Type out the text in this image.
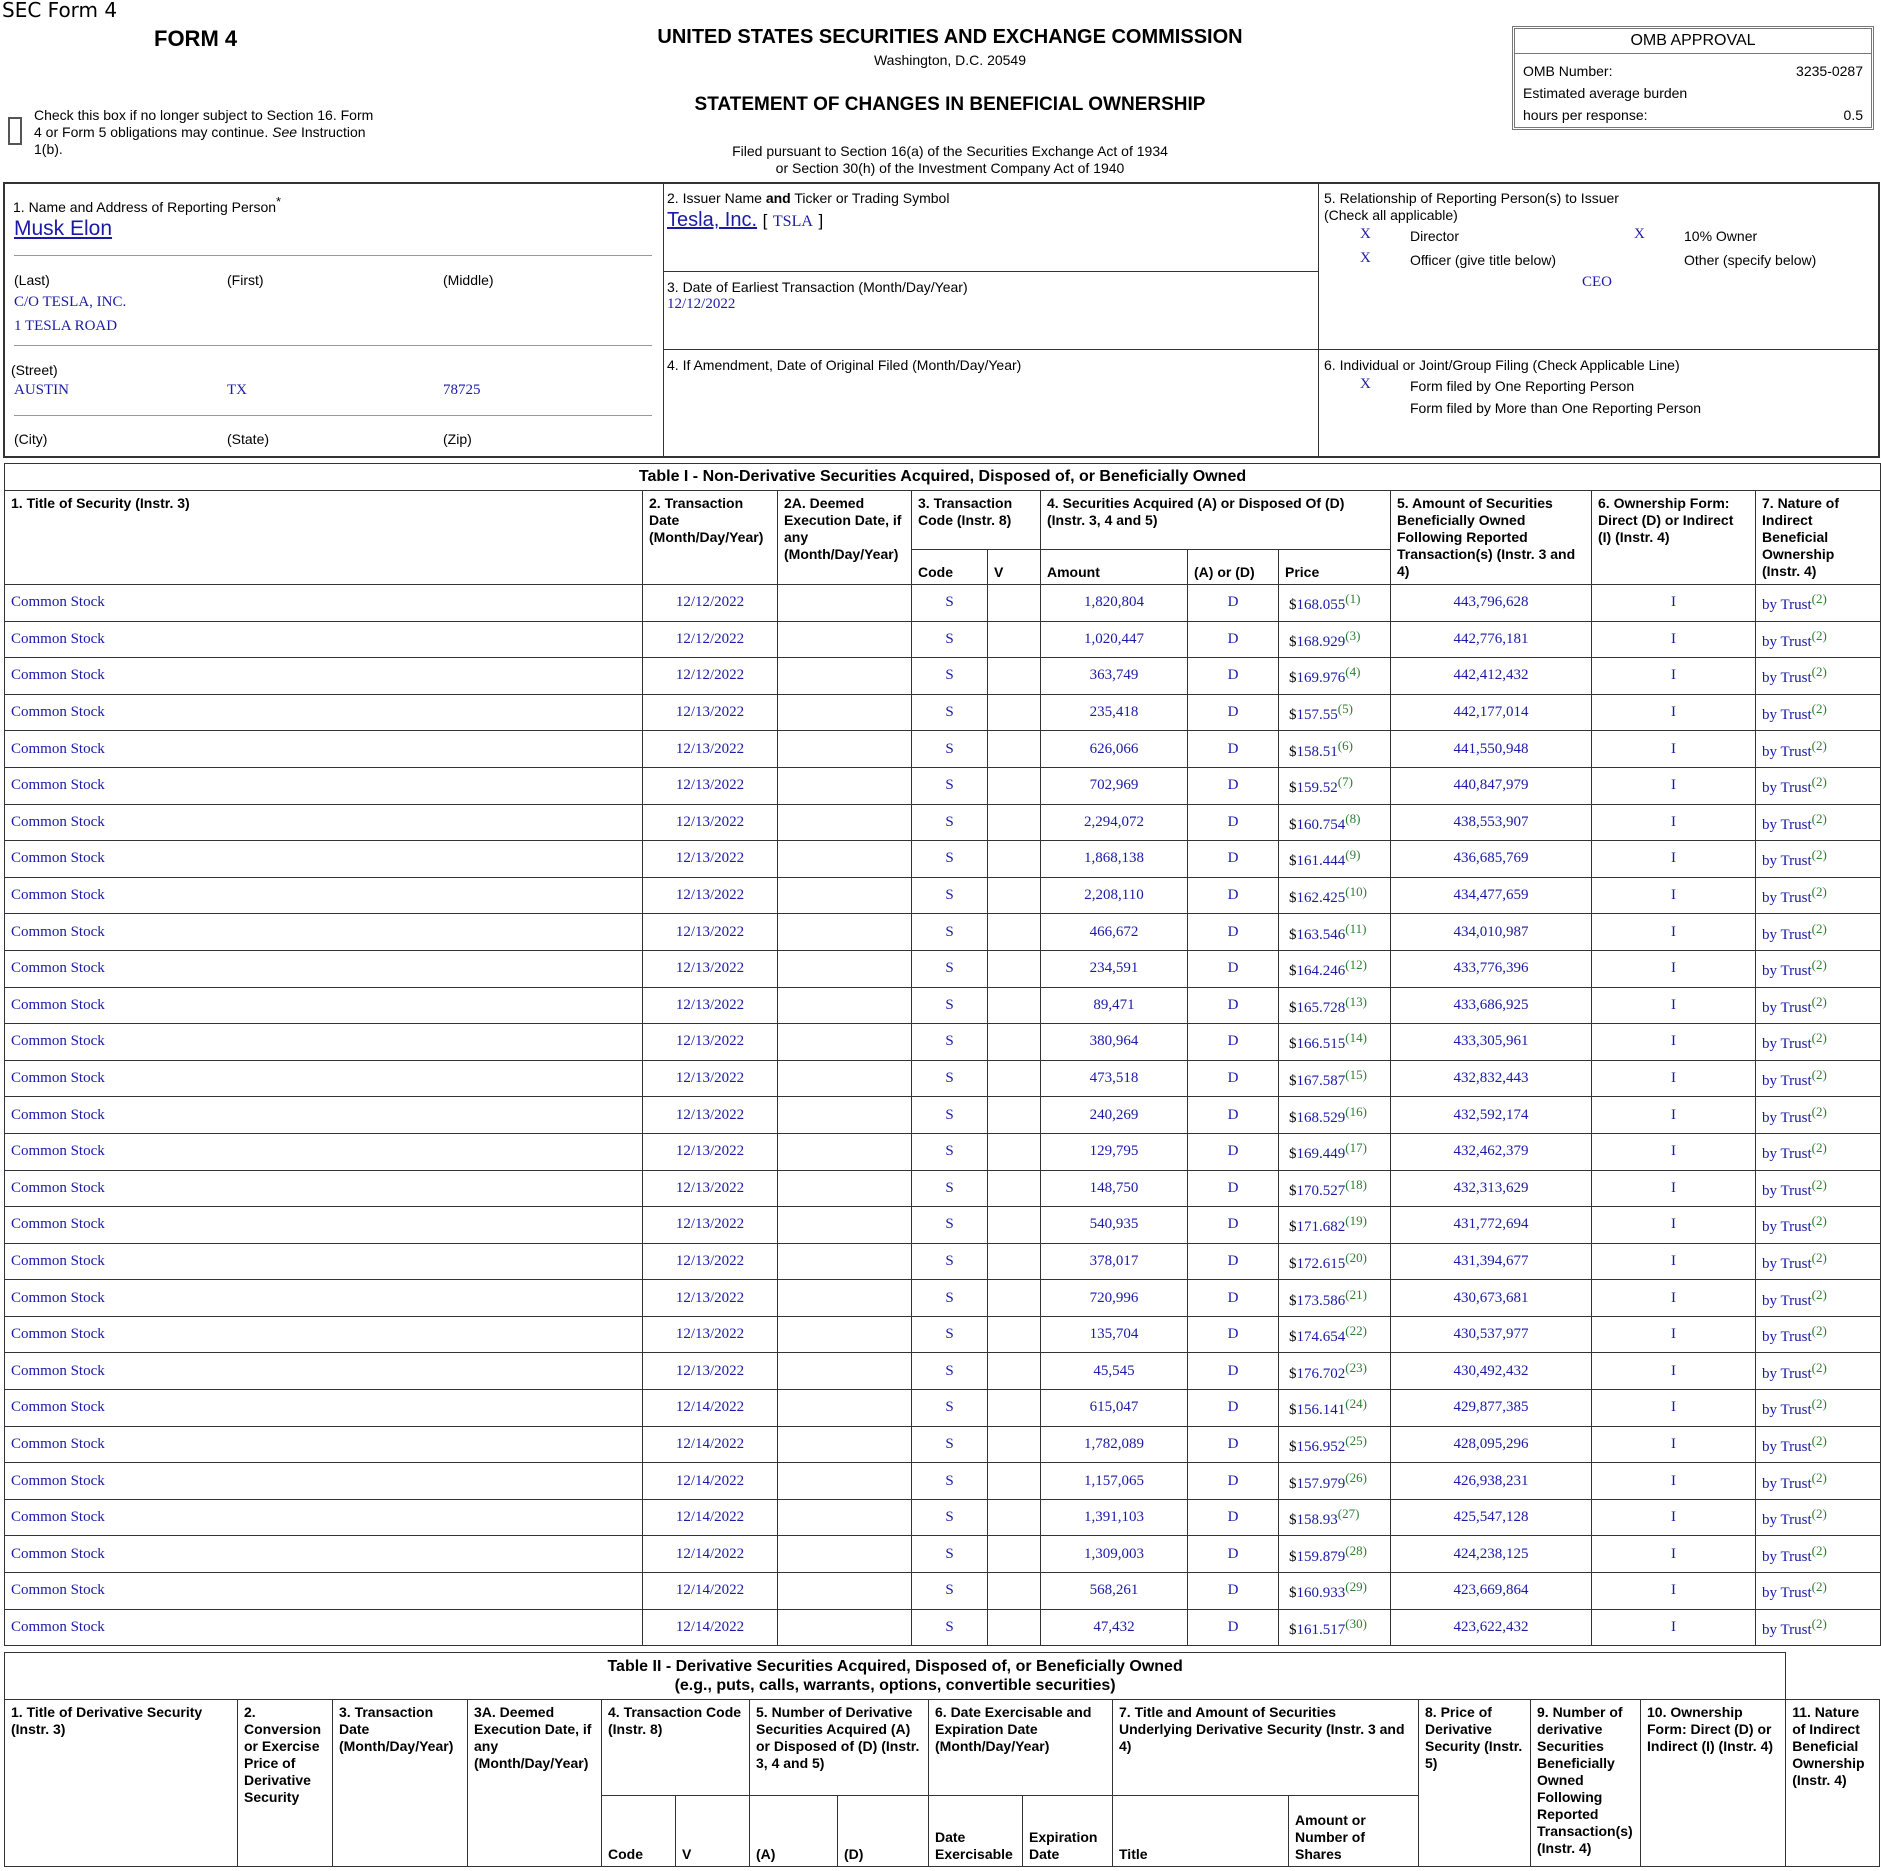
SEC Form 4
FORM 4	UNITED STATES SECURITIES AND EXCHANGE COMMISSION
Washington, D.C. 20549
STATEMENT OF CHANGES IN BENEFICIAL OWNERSHIP
Filed pursuant to Section 16(a) of the Securities Exchange Act of 1934
or Section 30(h) of the Investment Company Act of 1940
Check this box if no longer subject to Section 16. Form 4 or Form 5 obligations may continue. See Instruction 1(b).
OMB APPROVAL
OMB Number:	3235-0287
Estimated average burden
hours per response:	0.5
1. Name and Address of Reporting Person*
Musk Elon
(Last)	(First)	(Middle)
C/O TESLA, INC.
1 TESLA ROAD
(Street)
AUSTIN	TX	78725
(City)	(State)	(Zip)
2. Issuer Name and Ticker or Trading Symbol
Tesla, Inc. [ TSLA ]
3. Date of Earliest Transaction (Month/Day/Year)
12/12/2022
4. If Amendment, Date of Original Filed (Month/Day/Year)
5. Relationship of Reporting Person(s) to Issuer
(Check all applicable)
X	Director	X	10% Owner
X	Officer (give title below)	Other (specify below)
CEO
6. Individual or Joint/Group Filing (Check Applicable Line)
X	Form filed by One Reporting Person
Form filed by More than One Reporting Person
Table I - Non-Derivative Securities Acquired, Disposed of, or Beneficially Owned										
1. Title of Security (Instr. 3)	2. Transaction Date (Month/Day/Year)	2A. Deemed Execution Date, if any (Month/Day/Year)	3. Transaction Code (Instr. 8)		4. Securities Acquired (A) or Disposed Of (D) (Instr. 3, 4 and 5)			5. Amount of Securities Beneficially Owned Following Reported Transaction(s) (Instr. 3 and 4)	6. Ownership Form: Direct (D) or Indirect (I) (Instr. 4)	7. Nature of Indirect Beneficial Ownership (Instr. 4)
			Code	V	Amount	(A) or (D)	Price			
Common Stock	12/12/2022		S		1,820,804	D	$168.055(1)	443,796,628	I	by Trust(2)
Common Stock	12/12/2022		S		1,020,447	D	$168.929(3)	442,776,181	I	by Trust(2)
Common Stock	12/12/2022		S		363,749	D	$169.976(4)	442,412,432	I	by Trust(2)
Common Stock	12/13/2022		S		235,418	D	$157.55(5)	442,177,014	I	by Trust(2)
Common Stock	12/13/2022		S		626,066	D	$158.51(6)	441,550,948	I	by Trust(2)
Common Stock	12/13/2022		S		702,969	D	$159.52(7)	440,847,979	I	by Trust(2)
Common Stock	12/13/2022		S		2,294,072	D	$160.754(8)	438,553,907	I	by Trust(2)
Common Stock	12/13/2022		S		1,868,138	D	$161.444(9)	436,685,769	I	by Trust(2)
Common Stock	12/13/2022		S		2,208,110	D	$162.425(10)	434,477,659	I	by Trust(2)
Common Stock	12/13/2022		S		466,672	D	$163.546(11)	434,010,987	I	by Trust(2)
Common Stock	12/13/2022		S		234,591	D	$164.246(12)	433,776,396	I	by Trust(2)
Common Stock	12/13/2022		S		89,471	D	$165.728(13)	433,686,925	I	by Trust(2)
Common Stock	12/13/2022		S		380,964	D	$166.515(14)	433,305,961	I	by Trust(2)
Common Stock	12/13/2022		S		473,518	D	$167.587(15)	432,832,443	I	by Trust(2)
Common Stock	12/13/2022		S		240,269	D	$168.529(16)	432,592,174	I	by Trust(2)
Common Stock	12/13/2022		S		129,795	D	$169.449(17)	432,462,379	I	by Trust(2)
Common Stock	12/13/2022		S		148,750	D	$170.527(18)	432,313,629	I	by Trust(2)
Common Stock	12/13/2022		S		540,935	D	$171.682(19)	431,772,694	I	by Trust(2)
Common Stock	12/13/2022		S		378,017	D	$172.615(20)	431,394,677	I	by Trust(2)
Common Stock	12/13/2022		S		720,996	D	$173.586(21)	430,673,681	I	by Trust(2)
Common Stock	12/13/2022		S		135,704	D	$174.654(22)	430,537,977	I	by Trust(2)
Common Stock	12/13/2022		S		45,545	D	$176.702(23)	430,492,432	I	by Trust(2)
Common Stock	12/14/2022		S		615,047	D	$156.141(24)	429,877,385	I	by Trust(2)
Common Stock	12/14/2022		S		1,782,089	D	$156.952(25)	428,095,296	I	by Trust(2)
Common Stock	12/14/2022		S		1,157,065	D	$157.979(26)	426,938,231	I	by Trust(2)
Common Stock	12/14/2022		S		1,391,103	D	$158.93(27)	425,547,128	I	by Trust(2)
Common Stock	12/14/2022		S		1,309,003	D	$159.879(28)	424,238,125	I	by Trust(2)
Common Stock	12/14/2022		S		568,261	D	$160.933(29)	423,669,864	I	by Trust(2)
Common Stock	12/14/2022		S		47,432	D	$161.517(30)	423,622,432	I	by Trust(2)
Table II - Derivative Securities Acquired, Disposed of, or Beneficially Owned
(e.g., puts, calls, warrants, options, convertible securities)															
1. Title of Derivative Security (Instr. 3)	2. Conversion or Exercise Price of Derivative Security	3. Transaction Date (Month/Day/Year)	3A. Deemed Execution Date, if any (Month/Day/Year)	4. Transaction Code (Instr. 8)		5. Number of Derivative Securities Acquired (A) or Disposed of (D) (Instr. 3, 4 and 5)		6. Date Exercisable and Expiration Date (Month/Day/Year)		7. Title and Amount of Securities Underlying Derivative Security (Instr. 3 and 4)		8. Price of Derivative Security (Instr. 5)	9. Number of derivative Securities Beneficially Owned Following Reported Transaction(s) (Instr. 4)	10. Ownership Form: Direct (D) or Indirect (I) (Instr. 4)	11. Nature of Indirect Beneficial Ownership (Instr. 4)
				Code	V	(A)	(D)	Date Exercisable	Expiration Date	Title	Amount or Number of Shares				
